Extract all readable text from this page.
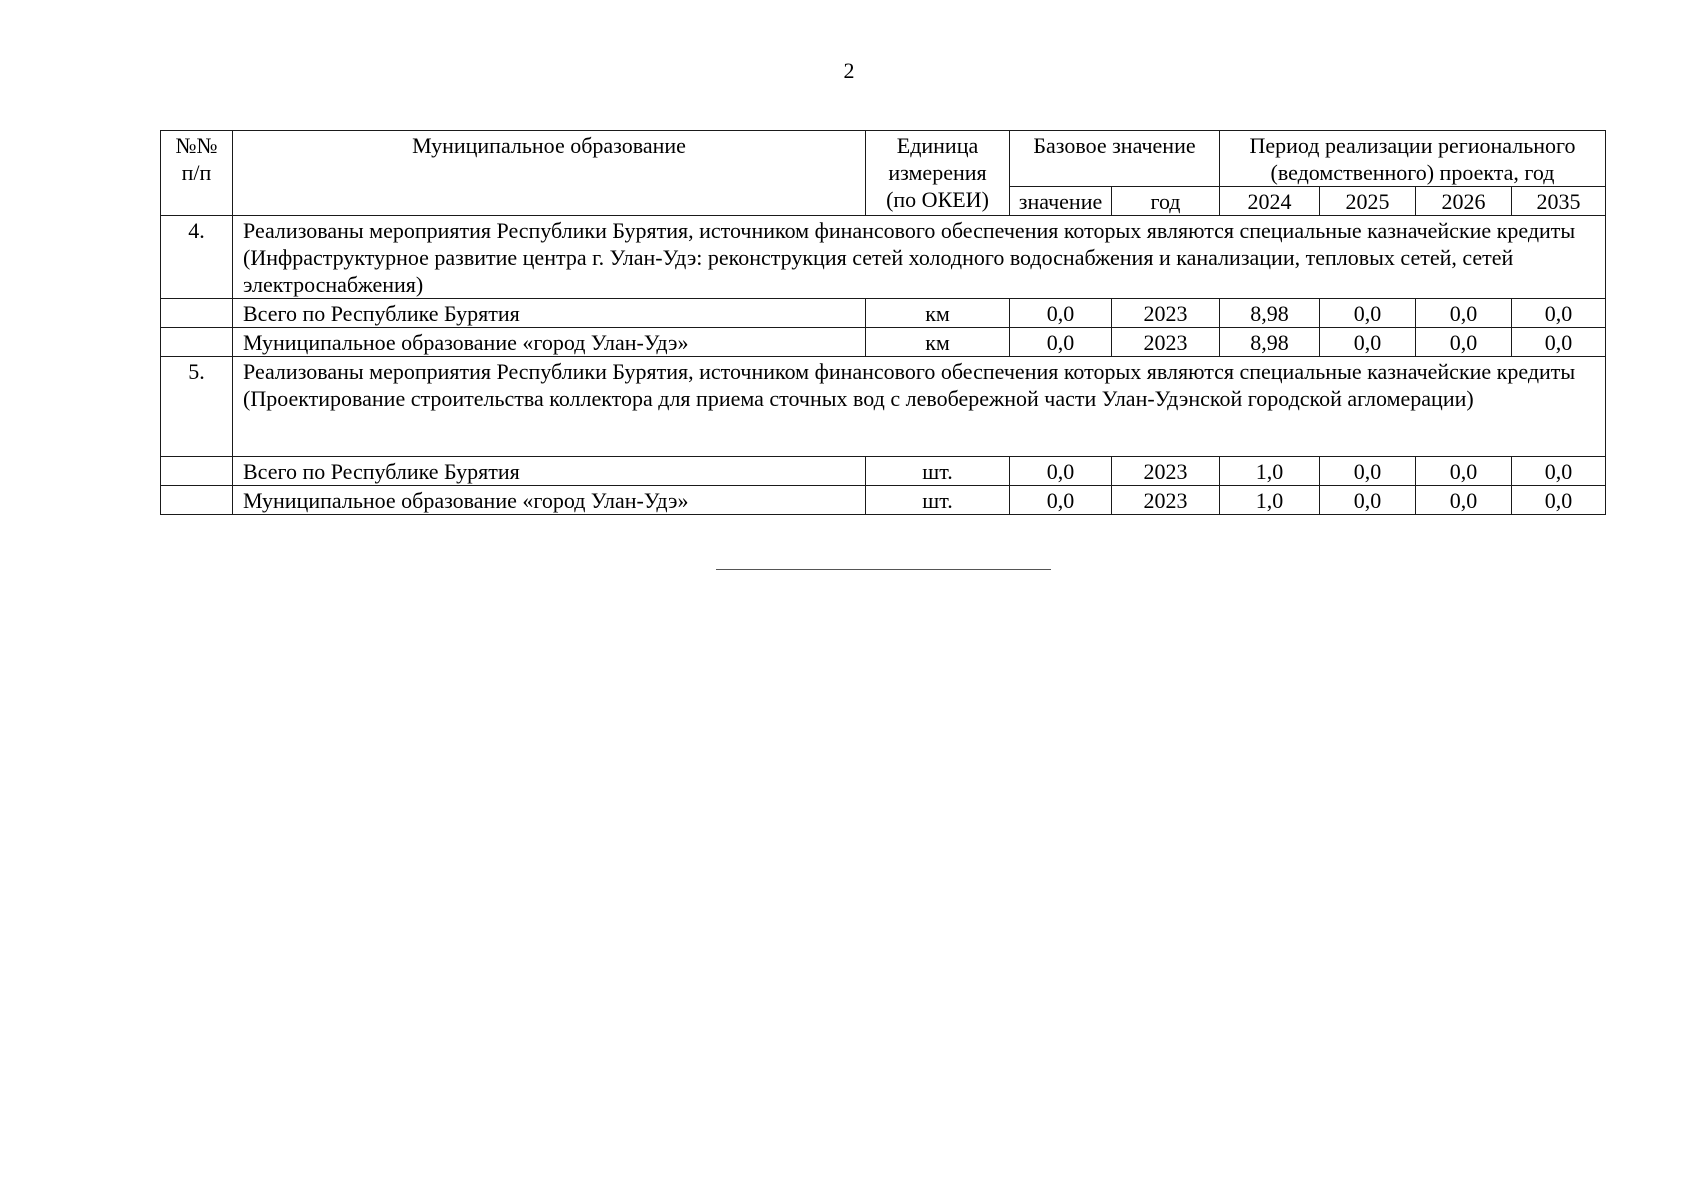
2
№№ п/п	Муниципальное образование	Единица измерения (по ОКЕИ)	Базовое значение		Период реализации регионального (ведомственного) проекта, год			
			значение	год	2024	2025	2026	2035
4.	Реализованы мероприятия Республики Бурятия, источником финансового обеспечения которых являются специальные казначейские кредиты (Инфраструктурное развитие центра г. Улан-Удэ: реконструкция сетей холодного водоснабжения и канализации, тепловых сетей, сетей электроснабжения)							
	Всего по Республике Бурятия	км	0,0	2023	8,98	0,0	0,0	0,0
	Муниципальное образование «город Улан-Удэ»	км	0,0	2023	8,98	0,0	0,0	0,0
5.	Реализованы мероприятия Республики Бурятия, источником финансового обеспечения которых являются специальные казначейские кредиты (Проектирование строительства коллектора для приема сточных вод с левобережной части Улан-Удэнской городской агломерации)							
	Всего по Республике Бурятия	шт.	0,0	2023	1,0	0,0	0,0	0,0
	Муниципальное образование «город Улан-Удэ»	шт.	0,0	2023	1,0	0,0	0,0	0,0
